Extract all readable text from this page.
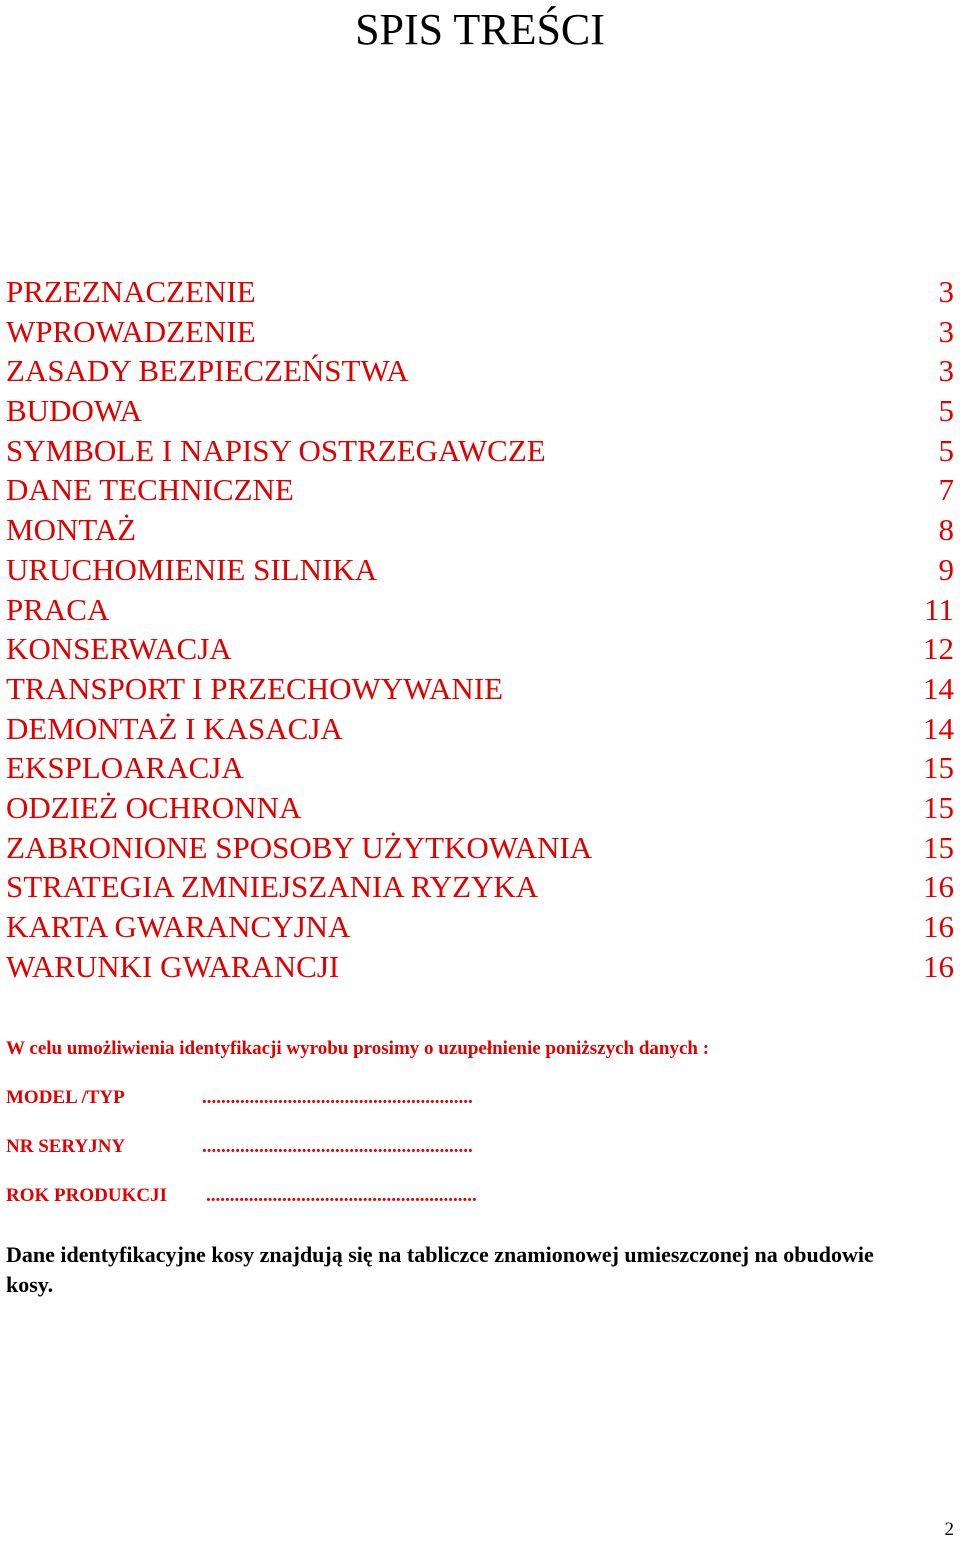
SPIS TREŚCI
PRZEZNACZENIE	3
WPROWADZENIE	3
ZASADY BEZPIECZEŃSTWA	3
BUDOWA	5
SYMBOLE I NAPISY OSTRZEGAWCZE	5
DANE TECHNICZNE	7
MONTAŻ	8
URUCHOMIENIE SILNIKA	9
PRACA	11
KONSERWACJA	12
TRANSPORT I PRZECHOWYWANIE	14
DEMONTAŻ I KASACJA	14
EKSPLOARACJA	15
ODZIEŻ OCHRONNA	15
ZABRONIONE SPOSOBY UŻYTKOWANIA	15
STRATEGIA ZMNIEJSZANIA RYZYKA	16
KARTA GWARANCYJNA	16
WARUNKI GWARANCJI	16

W celu umożliwienia identyfikacji wyrobu prosimy o uzupełnienie poniższych danych :

MODEL /TYP	.........................................................
NR SERYJNY	.........................................................
ROK PRODUKCJI .........................................................

Dane identyfikacyjne kosy znajdują się na tabliczce znamionowej umieszczonej na obudowie kosy.

2
